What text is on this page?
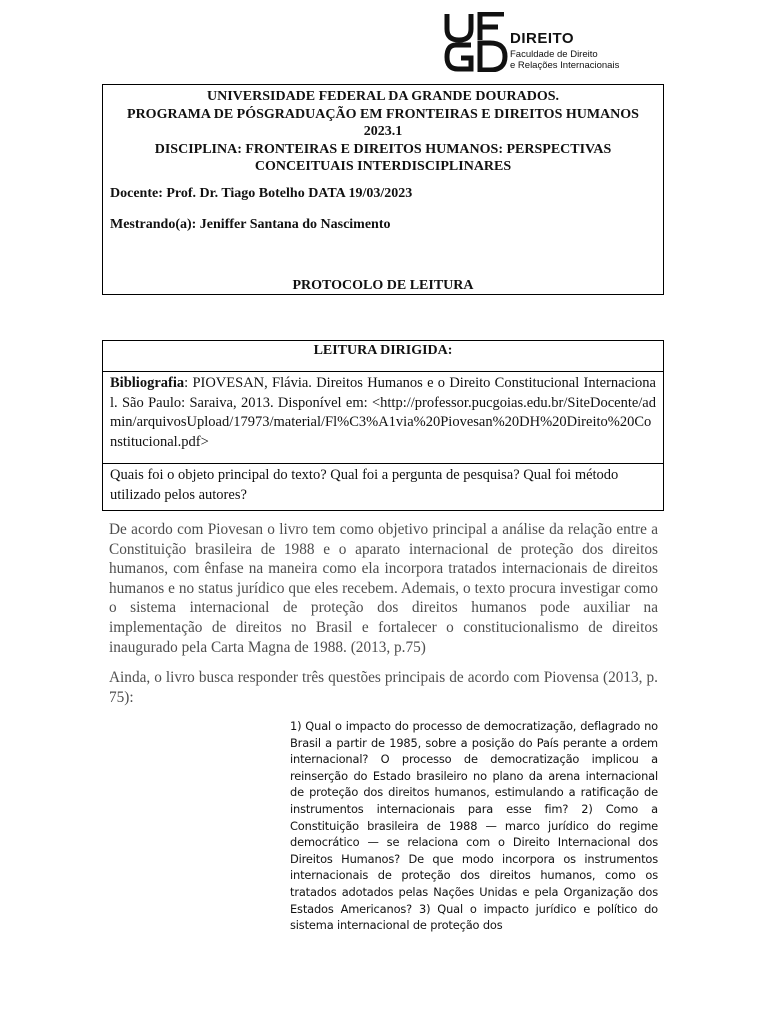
DIREITO
Faculdade de Direito
e Relações Internacionais
UNIVERSIDADE FEDERAL DA GRANDE DOURADOS.
PROGRAMA DE PÓSGRADUAÇÃO EM FRONTEIRAS E DIREITOS HUMANOS
2023.1
DISCIPLINA: FRONTEIRAS E DIREITOS HUMANOS: PERSPECTIVAS
CONCEITUAIS INTERDISCIPLINARES
Docente: Prof. Dr. Tiago Botelho DATA 19/03/2023
Mestrando(a): Jeniffer Santana do Nascimento
PROTOCOLO DE LEITURA
LEITURA DIRIGIDA:
Bibliografia: PIOVESAN, Flávia. Direitos Humanos e o Direito Constitucional Internacional. São Paulo: Saraiva, 2013. Disponível em: <http://professor.pucgoias.edu.br/SiteDocente/admin/arquivosUpload/17973/material/Fl%C3%A1via%20Piovesan%20DH%20Direito%20Constitucional.pdf>
Quais foi o objeto principal do texto? Qual foi a pergunta de pesquisa? Qual foi método utilizado pelos autores?
De acordo com Piovesan o livro tem como objetivo principal a análise da relação entre a Constituição brasileira de 1988 e o aparato internacional de proteção dos direitos humanos, com ênfase na maneira como ela incorpora tratados internacionais de direitos humanos e no status jurídico que eles recebem. Ademais, o texto procura investigar como o sistema internacional de proteção dos direitos humanos pode auxiliar na implementação de direitos no Brasil e fortalecer o constitucionalismo de direitos inaugurado pela Carta Magna de 1988. (2013, p.75)
Ainda, o livro busca responder três questões principais de acordo com Piovensa (2013, p. 75):
1) Qual o impacto do processo de democratização, deflagrado no Brasil a partir de 1985, sobre a posição do País perante a ordem internacional? O processo de democratização implicou a reinserção do Estado brasileiro no plano da arena internacional de proteção dos direitos humanos, estimulando a ratificação de instrumentos internacionais para esse fim? 2) Como a Constituição brasileira de 1988 — marco jurídico do regime democrático — se relaciona com o Direito Internacional dos Direitos Humanos? De que modo incorpora os instrumentos internacionais de proteção dos direitos humanos, como os tratados adotados pelas Nações Unidas e pela Organização dos Estados Americanos? 3) Qual o impacto jurídico e político do sistema internacional de proteção dos
